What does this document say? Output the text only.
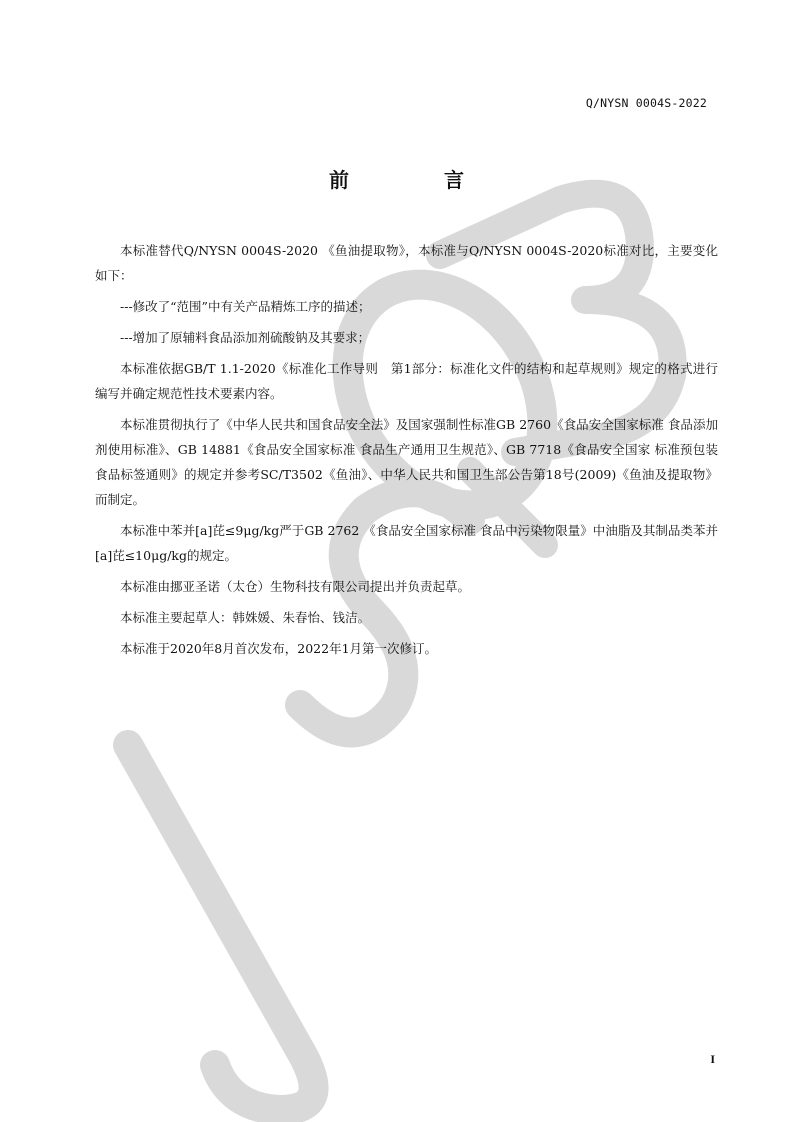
Q/NYSN 0004S-2022
前 言

本标准替代Q/NYSN 0004S-2020 《鱼油提取物》，本标准与Q/NYSN 0004S-2020标准对比，主要变化如下：

---修改了“范围”中有关产品精炼工序的描述；

---增加了原辅料食品添加剂硫酸钠及其要求；

本标准依据GB/T 1.1-2020《标准化工作导则　第1部分：标准化文件的结构和起草规则》规定的格式进行编写并确定规范性技术要素内容。

本标准贯彻执行了《中华人民共和国食品安全法》及国家强制性标准GB 2760《食品安全国家标准 食品添加剂使用标准》、GB 14881《食品安全国家标准 食品生产通用卫生规范》、GB 7718《食品安全国家 标准预包装食品标签通则》的规定并参考SC/T3502《鱼油》、中华人民共和国卫生部公告第18号(2009)《鱼油及提取物》而制定。

本标准中苯并[a]芘≤9μg/kg严于GB 2762 《食品安全国家标准 食品中污染物限量》中油脂及其制品类苯并[a]芘≤10μg/kg的规定。

本标准由挪亚圣诺（太仓）生物科技有限公司提出并负责起草。

本标准主要起草人：韩姝媛、朱春怡、钱洁。

本标准于2020年8月首次发布，2022年1月第一次修订。

I
